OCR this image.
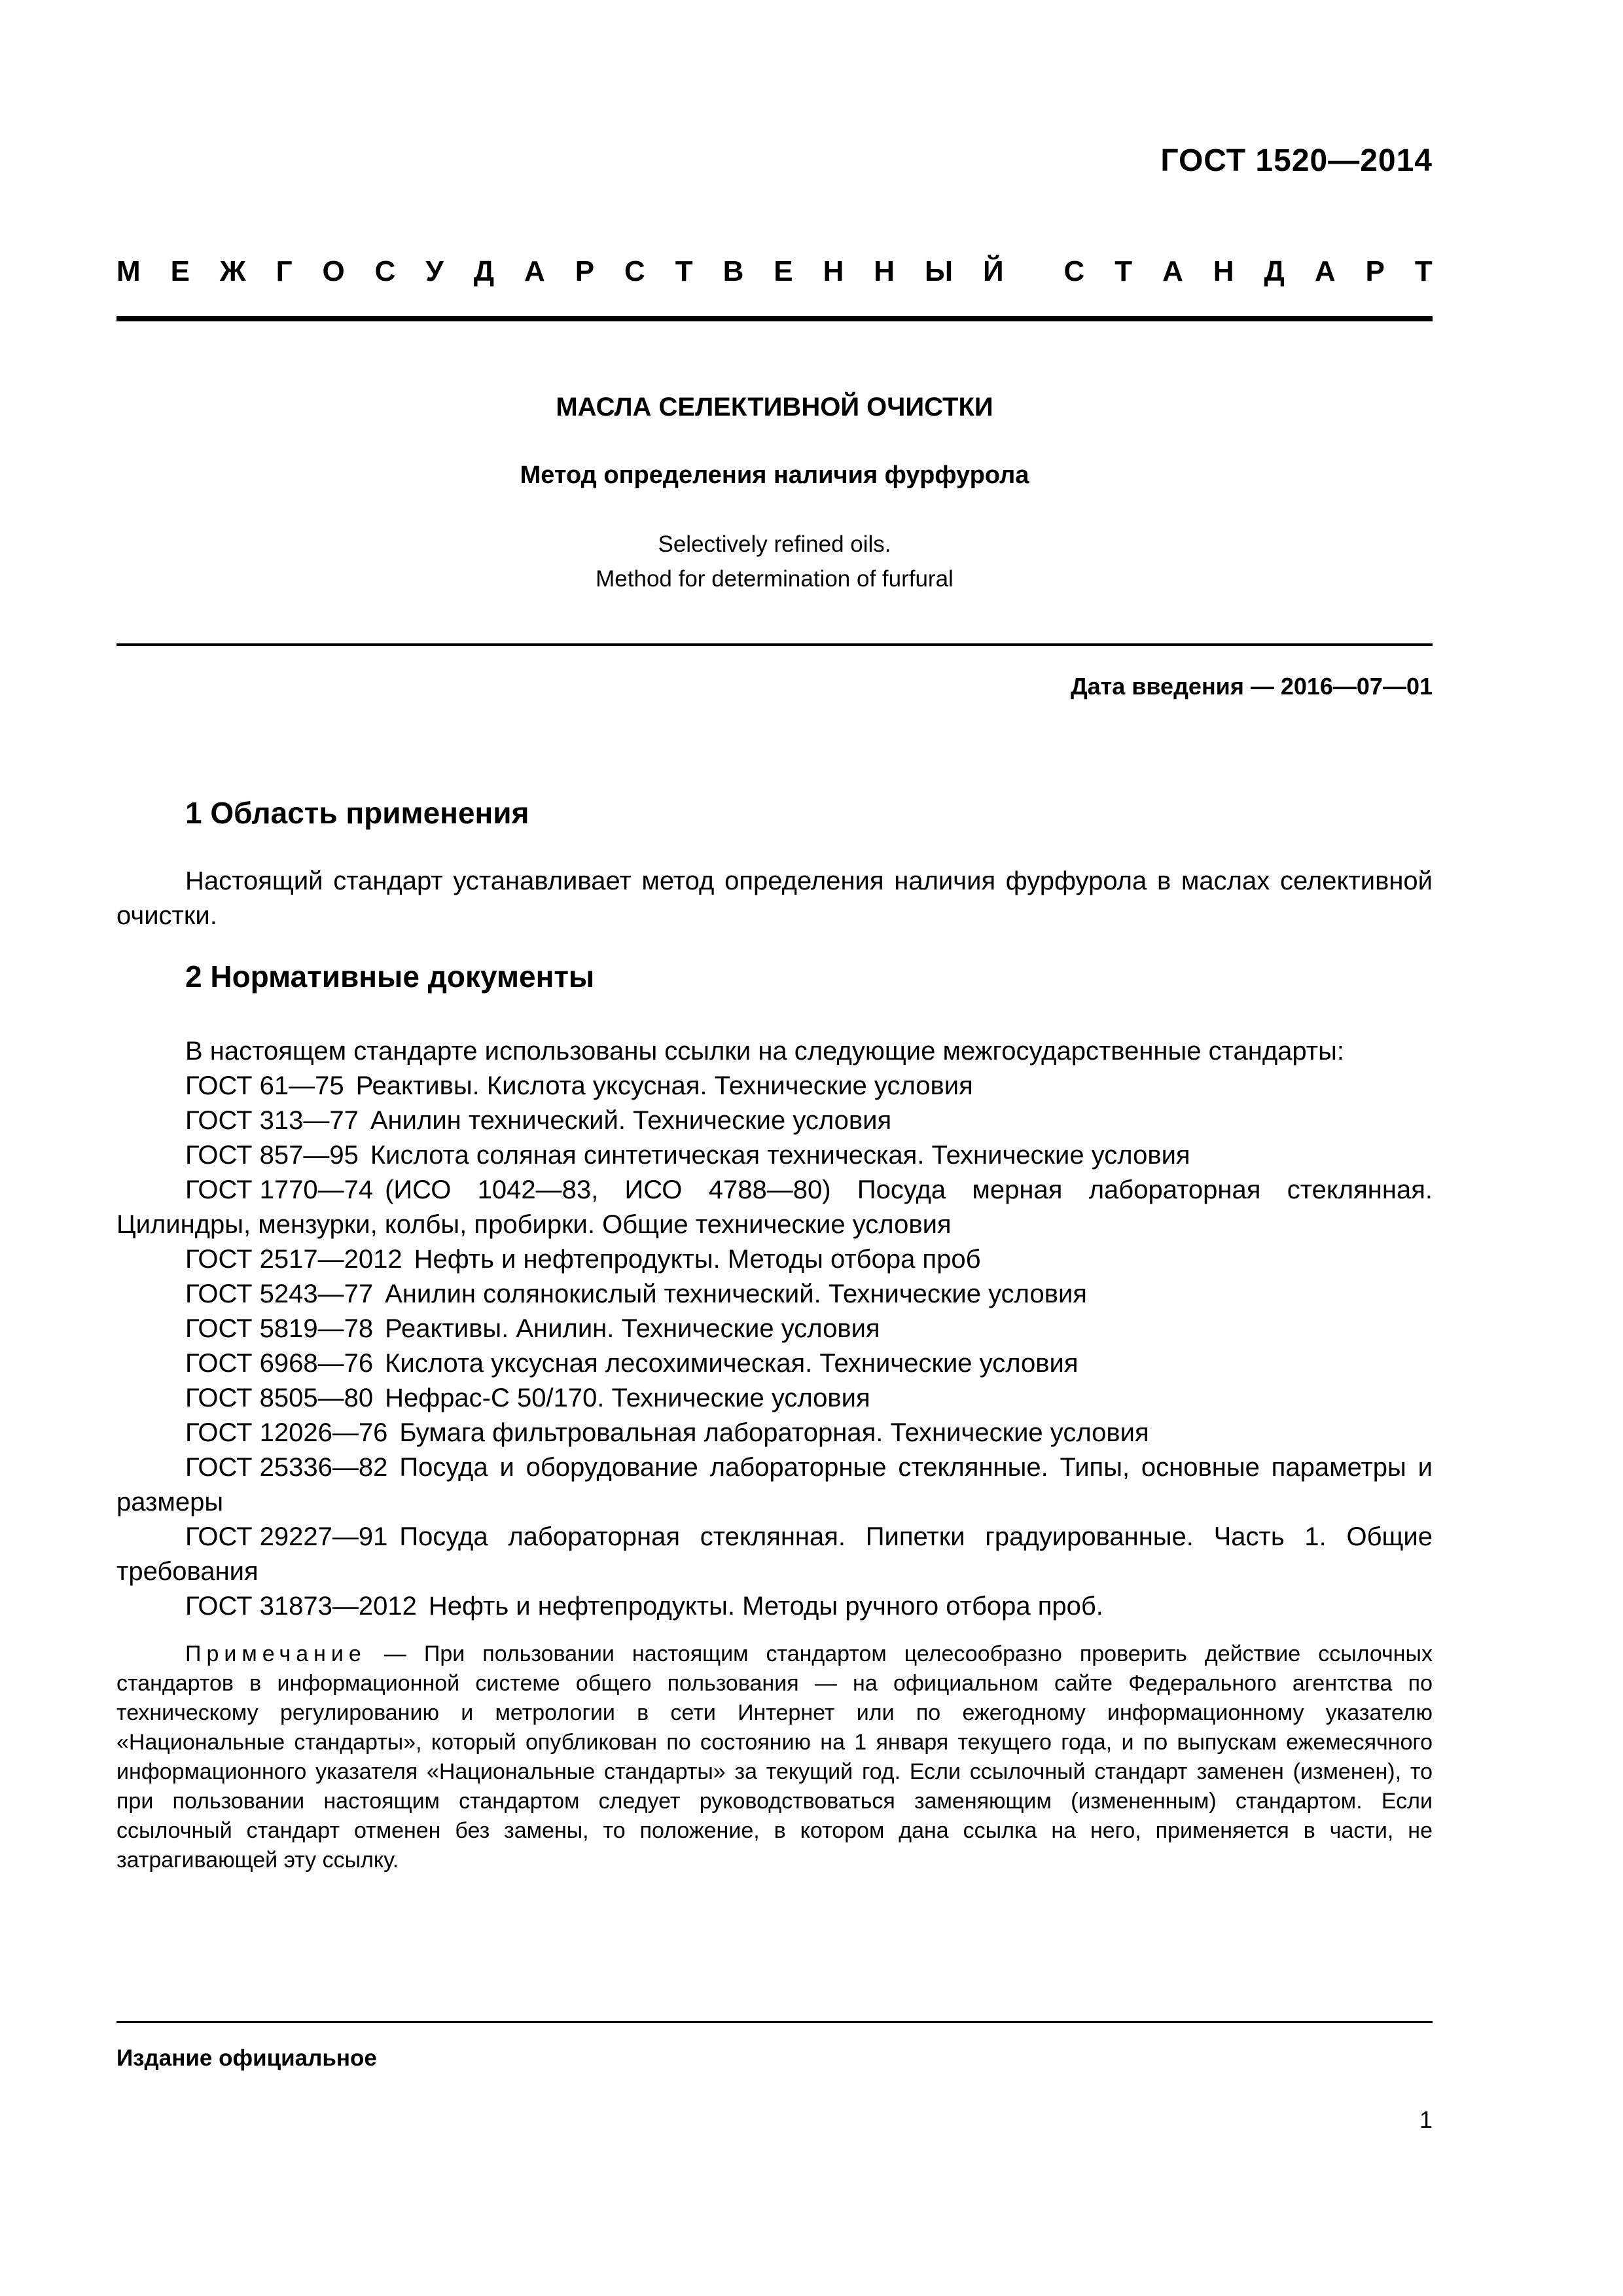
ГОСТ 1520—2014
М Е Ж Г О С У Д А Р С Т В Е Н Н Ы Й С Т А Н Д А Р Т
МАСЛА СЕЛЕКТИВНОЙ ОЧИСТКИ
Метод определения наличия фурфурола
Selectively refined oils.
Method for determination of furfural
Дата введения — 2016—07—01
1 Область применения
Настоящий стандарт устанавливает метод определения наличия фурфурола в маслах селективной очистки.
2 Нормативные документы
В настоящем стандарте использованы ссылки на следующие межгосударственные стандарты:
ГОСТ 61—75 Реактивы. Кислота уксусная. Технические условия
ГОСТ 313—77 Анилин технический. Технические условия
ГОСТ 857—95 Кислота соляная синтетическая техническая. Технические условия
ГОСТ 1770—74 (ИСО 1042—83, ИСО 4788—80) Посуда мерная лабораторная стеклянная. Цилиндры, мензурки, колбы, пробирки. Общие технические условия
ГОСТ 2517—2012 Нефть и нефтепродукты. Методы отбора проб
ГОСТ 5243—77 Анилин солянокислый технический. Технические условия
ГОСТ 5819—78 Реактивы. Анилин. Технические условия
ГОСТ 6968—76 Кислота уксусная лесохимическая. Технические условия
ГОСТ 8505—80 Нефрас-С 50/170. Технические условия
ГОСТ 12026—76 Бумага фильтровальная лабораторная. Технические условия
ГОСТ 25336—82 Посуда и оборудование лабораторные стеклянные. Типы, основные параметры и размеры
ГОСТ 29227—91 Посуда лабораторная стеклянная. Пипетки градуированные. Часть 1. Общие требования
ГОСТ 31873—2012 Нефть и нефтепродукты. Методы ручного отбора проб.
Примечание — При пользовании настоящим стандартом целесообразно проверить действие ссылочных стандартов в информационной системе общего пользования — на официальном сайте Федерального агентства по техническому регулированию и метрологии в сети Интернет или по ежегодному информационному указателю «Национальные стандарты», который опубликован по состоянию на 1 января текущего года, и по выпускам ежемесячного информационного указателя «Национальные стандарты» за текущий год. Если ссылочный стандарт заменен (изменен), то при пользовании настоящим стандартом следует руководствоваться заменяющим (измененным) стандартом. Если ссылочный стандарт отменен без замены, то положение, в котором дана ссылка на него, применяется в части, не затрагивающей эту ссылку.
Издание официальное
1
